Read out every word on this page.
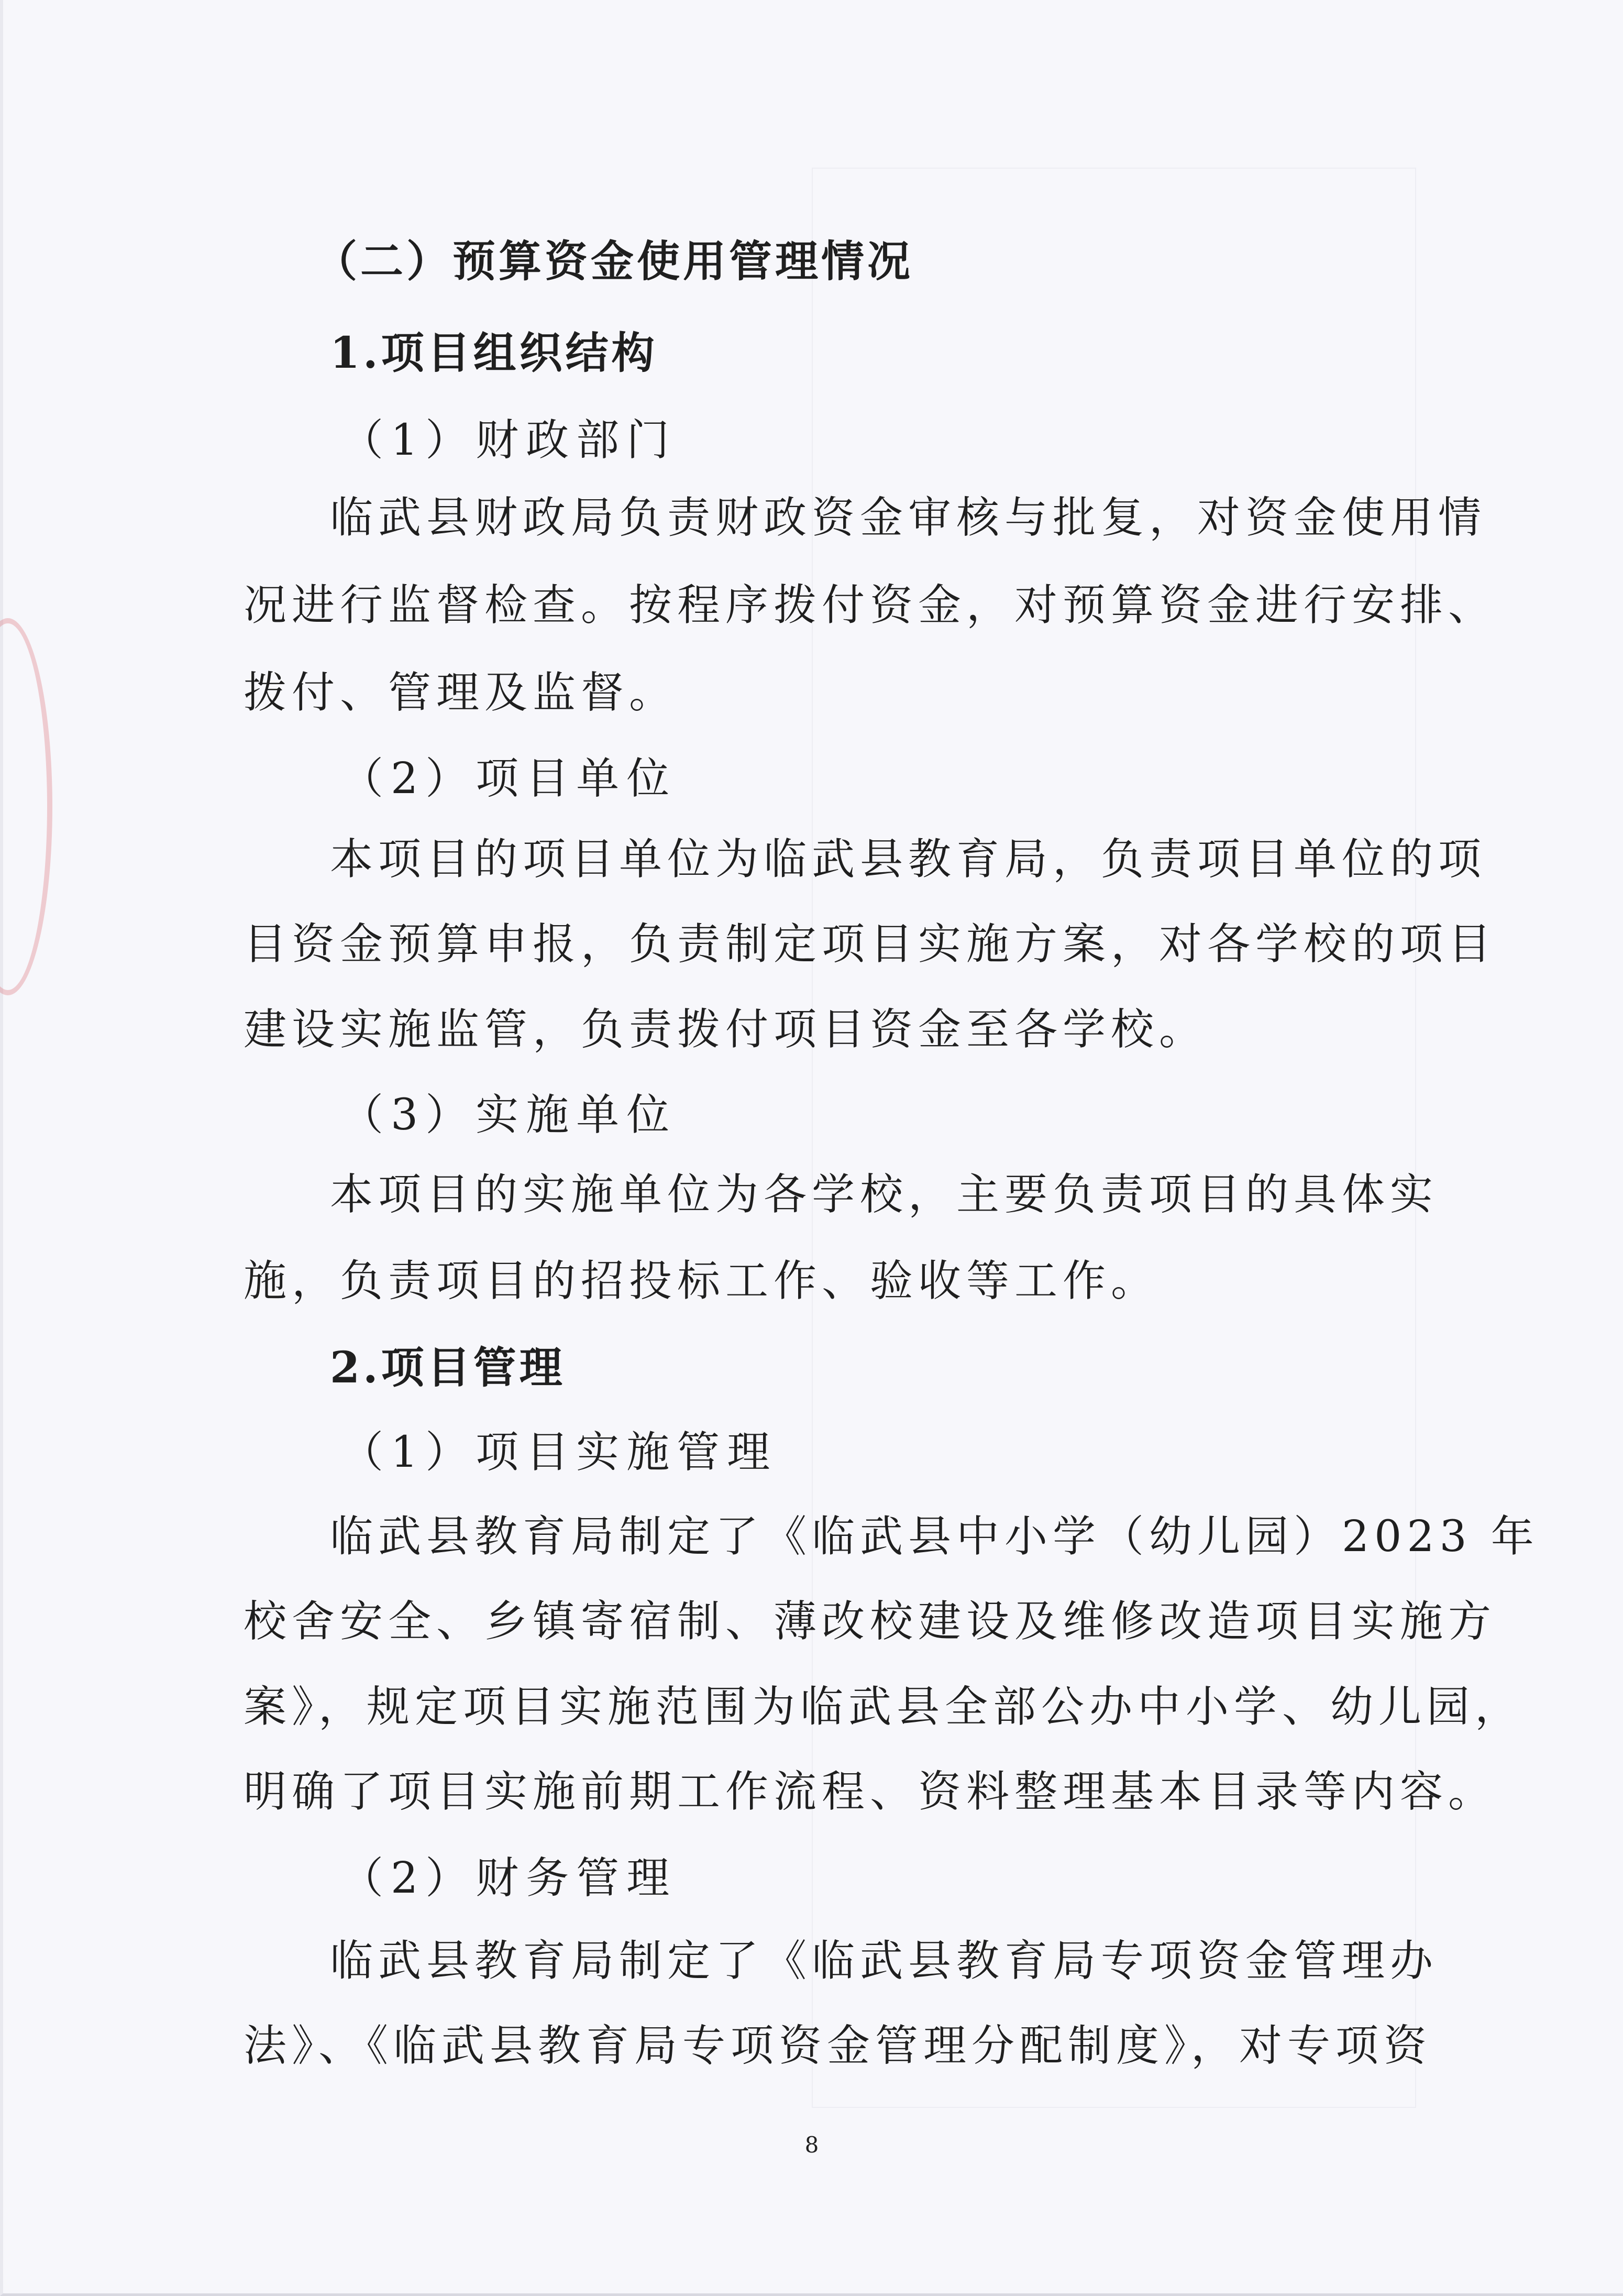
（二）预算资金使用管理情况
1.项目组织结构
（1）财政部门
临武县财政局负责财政资金审核与批复，对资金使用情
况进行监督检查。按程序拨付资金，对预算资金进行安排、
拨付、管理及监督。
（2）项目单位
本项目的项目单位为临武县教育局，负责项目单位的项
目资金预算申报，负责制定项目实施方案，对各学校的项目
建设实施监管，负责拨付项目资金至各学校。
（3）实施单位
本项目的实施单位为各学校，主要负责项目的具体实
施，负责项目的招投标工作、验收等工作。
2.项目管理
（1）项目实施管理
临武县教育局制定了《临武县中小学（幼儿园）2023 年
校舍安全、乡镇寄宿制、薄改校建设及维修改造项目实施方
案》，规定项目实施范围为临武县全部公办中小学、幼儿园，
明确了项目实施前期工作流程、资料整理基本目录等内容。
（2）财务管理
临武县教育局制定了《临武县教育局专项资金管理办
法》、《临武县教育局专项资金管理分配制度》，对专项资
8
